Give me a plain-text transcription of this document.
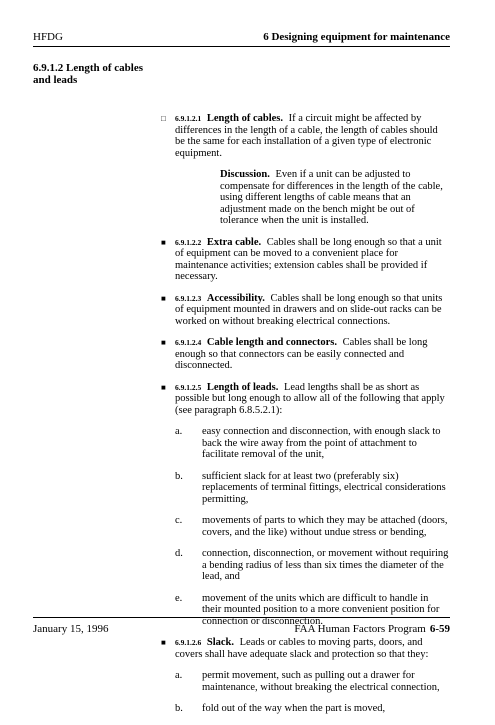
HFDG	6 Designing equipment for maintenance
6.9.1.2 Length of cables and leads
□ 6.9.1.2.1 Length of cables. If a circuit might be affected by differences in the length of a cable, the length of cables should be the same for each installation of a given type of electronic equipment.
Discussion. Even if a unit can be adjusted to compensate for differences in the length of the cable, using different lengths of cable means that an adjustment made on the bench might be out of tolerance when the unit is installed.
■ 6.9.1.2.2 Extra cable. Cables shall be long enough so that a unit of equipment can be moved to a convenient place for maintenance activities; extension cables shall be provided if necessary.
■ 6.9.1.2.3 Accessibility. Cables shall be long enough so that units of equipment mounted in drawers and on slide-out racks can be worked on without breaking electrical connections.
■ 6.9.1.2.4 Cable length and connectors. Cables shall be long enough so that connectors can be easily connected and disconnected.
■ 6.9.1.2.5 Length of leads. Lead lengths shall be as short as possible but long enough to allow all of the following that apply (see paragraph 6.8.5.2.1):
a. easy connection and disconnection, with enough slack to back the wire away from the point of attachment to facilitate removal of the unit,
b. sufficient slack for at least two (preferably six) replacements of terminal fittings, electrical considerations permitting,
c. movements of parts to which they may be attached (doors, covers, and the like) without undue stress or bending,
d. connection, disconnection, or movement without requiring a bending radius of less than six times the diameter of the lead, and
e. movement of the units which are difficult to handle in their mounted position to a more convenient position for connection or disconnection.
■ 6.9.1.2.6 Slack. Leads or cables to moving parts, doors, and covers shall have adequate slack and protection so that they:
a. permit movement, such as pulling out a drawer for maintenance, without breaking the electrical connection,
b. fold out of the way when the part is moved,
January 15, 1996	FAA Human Factors Program 6-59
